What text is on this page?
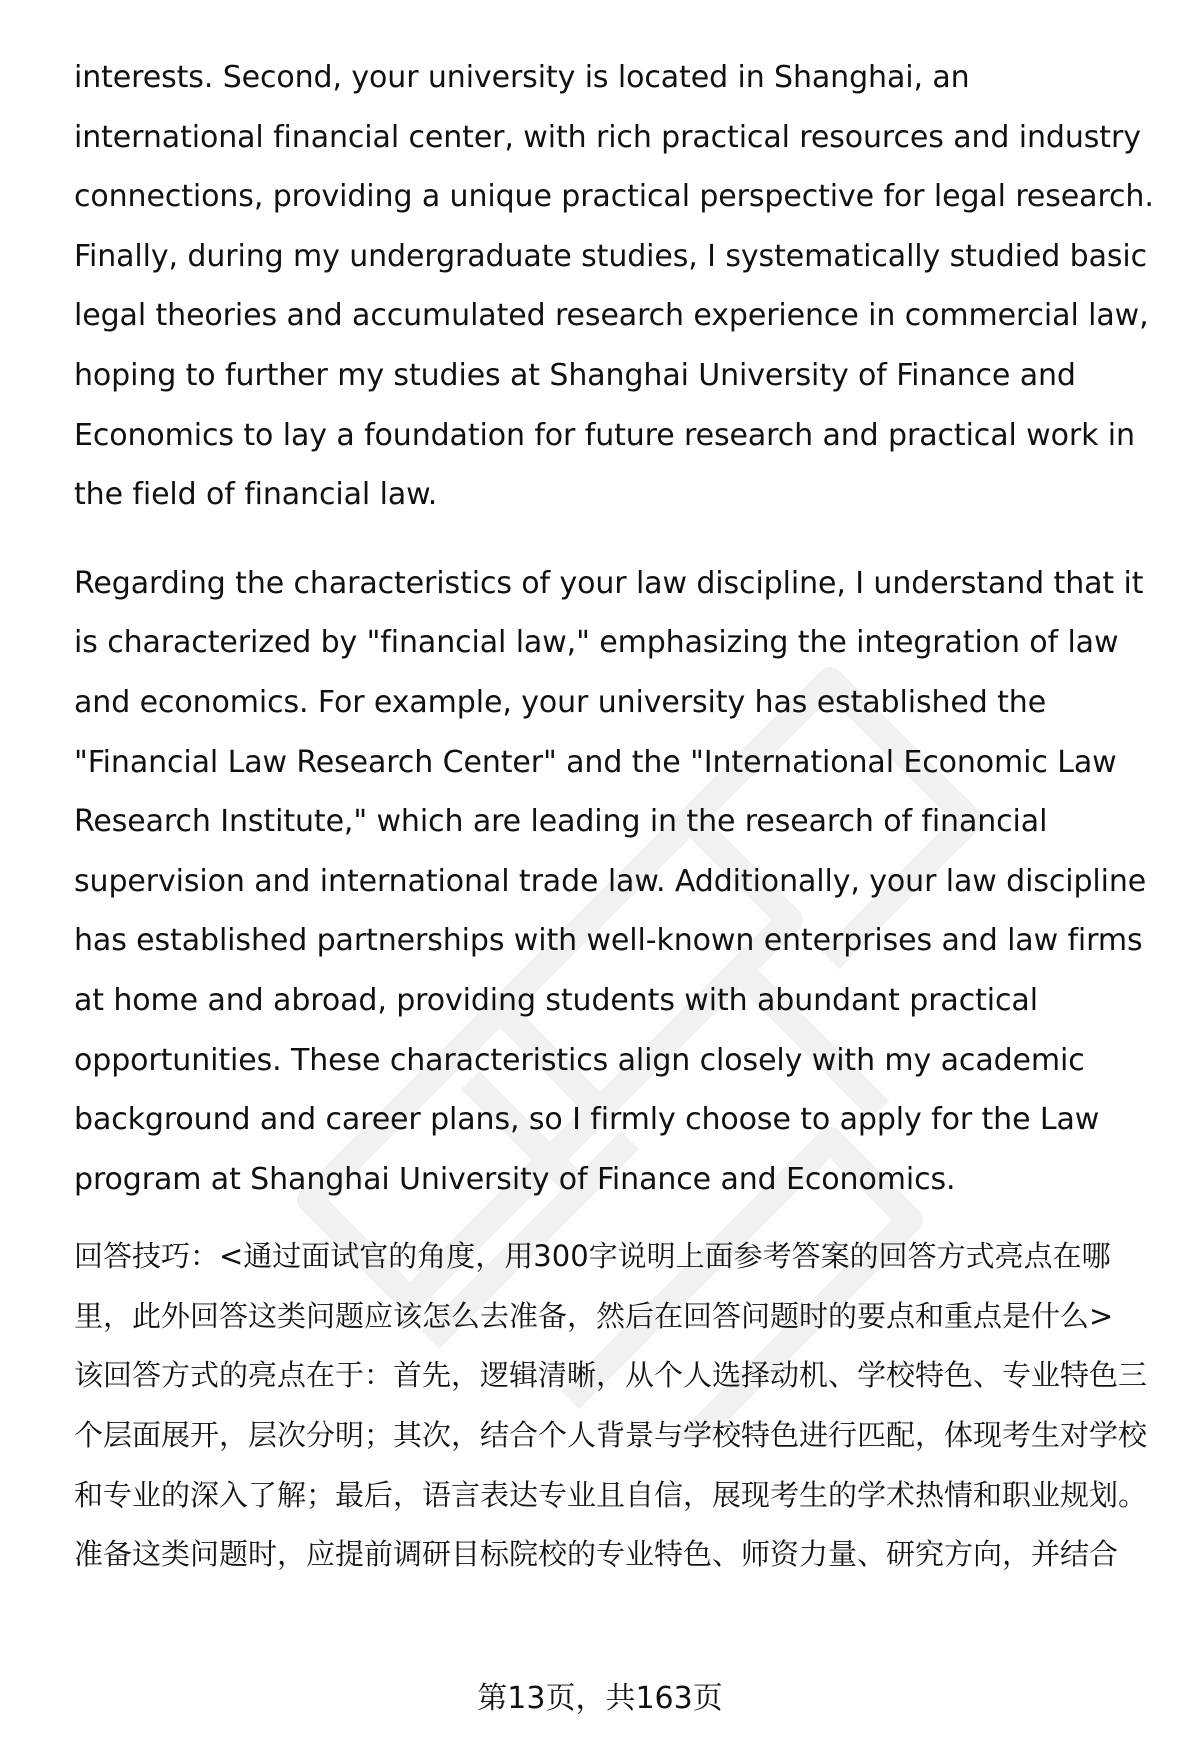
interests. Second, your university is located in Shanghai, an international financial center, with rich practical resources and industry connections, providing a unique practical perspective for legal research. Finally, during my undergraduate studies, I systematically studied basic legal theories and accumulated research experience in commercial law, hoping to further my studies at Shanghai University of Finance and Economics to lay a foundation for future research and practical work in the field of financial law.

Regarding the characteristics of your law discipline, I understand that it is characterized by "financial law," emphasizing the integration of law and economics. For example, your university has established the "Financial Law Research Center" and the "International Economic Law Research Institute," which are leading in the research of financial supervision and international trade law. Additionally, your law discipline has established partnerships with well-known enterprises and law firms at home and abroad, providing students with abundant practical opportunities. These characteristics align closely with my academic background and career plans, so I firmly choose to apply for the Law program at Shanghai University of Finance and Economics.

回答技巧：<通过面试官的角度，用300字说明上面参考答案的回答方式亮点在哪里，此外回答这类问题应该怎么去准备，然后在回答问题时的要点和重点是什么>

该回答方式的亮点在于：首先，逻辑清晰，从个人选择动机、学校特色、专业特色三个层面展开，层次分明；其次，结合个人背景与学校特色进行匹配，体现考生对学校和专业的深入了解；最后，语言表达专业且自信，展现考生的学术热情和职业规划。

准备这类问题时，应提前调研目标院校的专业特色、师资力量、研究方向，并结合

第13页，共163页
